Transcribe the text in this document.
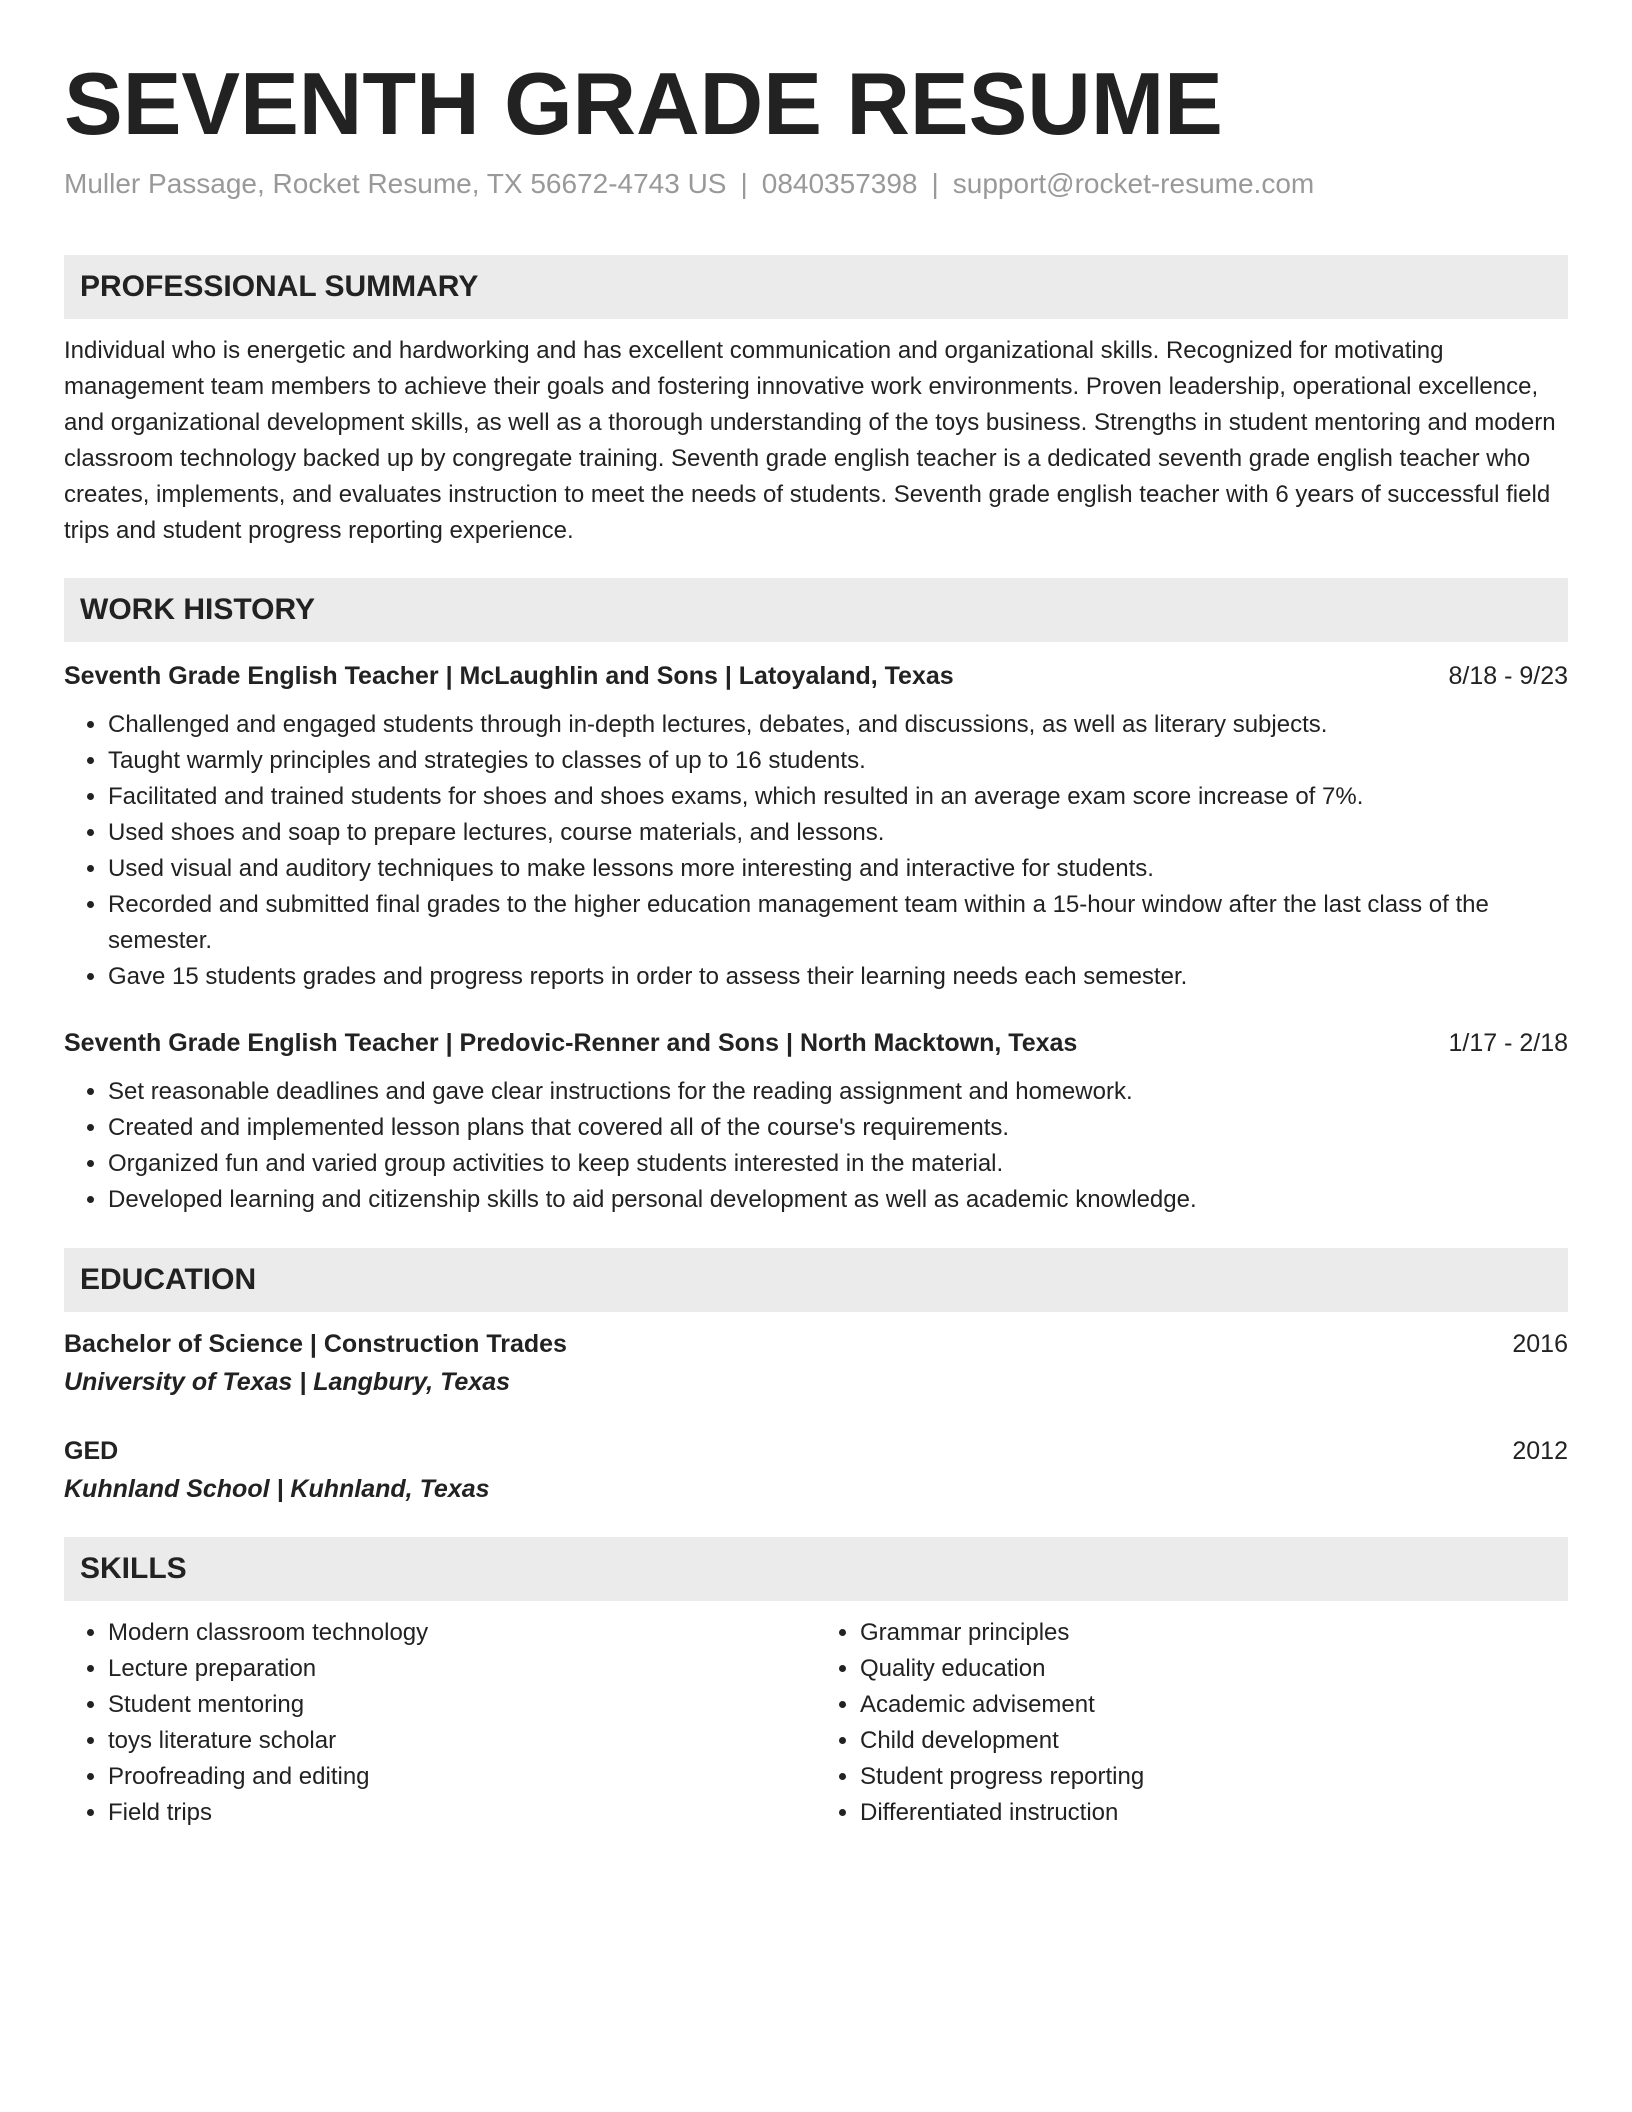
SEVENTH GRADE RESUME
Muller Passage, Rocket Resume, TX 56672-4743 US | 0840357398 | support@rocket-resume.com
PROFESSIONAL SUMMARY
Individual who is energetic and hardworking and has excellent communication and organizational skills. Recognized for motivating management team members to achieve their goals and fostering innovative work environments. Proven leadership, operational excellence, and organizational development skills, as well as a thorough understanding of the toys business. Strengths in student mentoring and modern classroom technology backed up by congregate training. Seventh grade english teacher is a dedicated seventh grade english teacher who creates, implements, and evaluates instruction to meet the needs of students. Seventh grade english teacher with 6 years of successful field trips and student progress reporting experience.
WORK HISTORY
Seventh Grade English Teacher | McLaughlin and Sons | Latoyaland, Texas	8/18 - 9/23
• Challenged and engaged students through in-depth lectures, debates, and discussions, as well as literary subjects.
• Taught warmly principles and strategies to classes of up to 16 students.
• Facilitated and trained students for shoes and shoes exams, which resulted in an average exam score increase of 7%.
• Used shoes and soap to prepare lectures, course materials, and lessons.
• Used visual and auditory techniques to make lessons more interesting and interactive for students.
• Recorded and submitted final grades to the higher education management team within a 15-hour window after the last class of the semester.
• Gave 15 students grades and progress reports in order to assess their learning needs each semester.
Seventh Grade English Teacher | Predovic-Renner and Sons | North Macktown, Texas	1/17 - 2/18
• Set reasonable deadlines and gave clear instructions for the reading assignment and homework.
• Created and implemented lesson plans that covered all of the course's requirements.
• Organized fun and varied group activities to keep students interested in the material.
• Developed learning and citizenship skills to aid personal development as well as academic knowledge.
EDUCATION
Bachelor of Science | Construction Trades	2016
University of Texas | Langbury, Texas
GED	2012
Kuhnland School | Kuhnland, Texas
SKILLS
• Modern classroom technology
• Lecture preparation
• Student mentoring
• toys literature scholar
• Proofreading and editing
• Field trips
• Grammar principles
• Quality education
• Academic advisement
• Child development
• Student progress reporting
• Differentiated instruction
